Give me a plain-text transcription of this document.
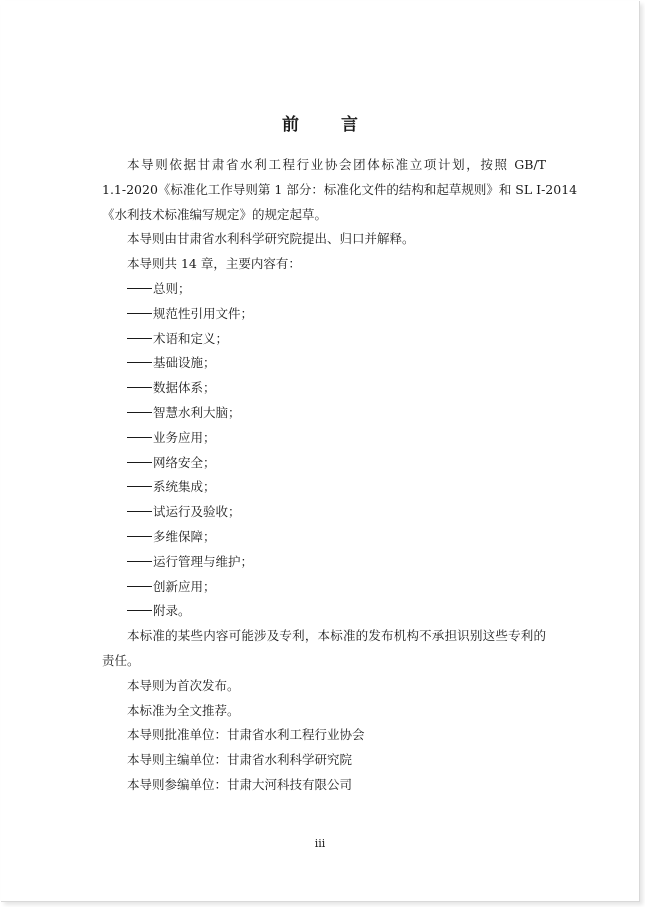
前 言

本导则依据甘肃省水利工程行业协会团体标准立项计划，按照 GB/T

1.1-2020《标准化工作导则第 1 部分：标准化文件的结构和起草规则》和 SL I-2014

《水利技术标准编写规定》的规定起草。

本导则由甘肃省水利科学研究院提出、归口并解释。

本导则共 14 章，主要内容有：

总则；

规范性引用文件；

术语和定义；

基础设施；

数据体系；

智慧水利大脑；

业务应用；

网络安全；

系统集成；

试运行及验收；

多维保障；

运行管理与维护；

创新应用；

附录。

本标准的某些内容可能涉及专利，本标准的发布机构不承担识别这些专利的

责任。

本导则为首次发布。

本标准为全文推荐。

本导则批准单位：甘肃省水利工程行业协会

本导则主编单位：甘肃省水利科学研究院

本导则参编单位：甘肃大河科技有限公司

iii
